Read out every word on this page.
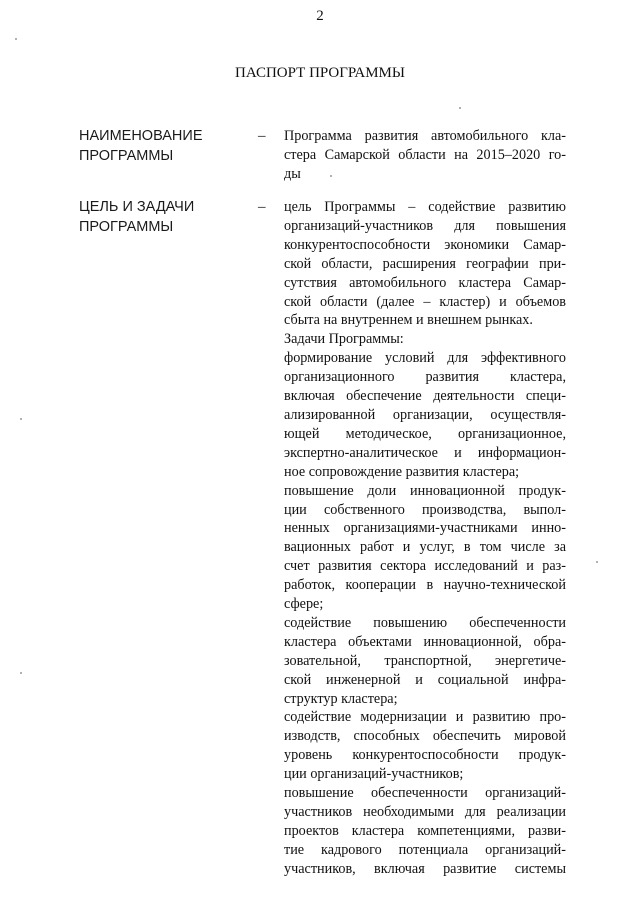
2
ПАСПОРТ ПРОГРАММЫ
НАИМЕНОВАНИЕ
ПРОГРАММЫ
– Программа развития автомобильного кла-
стера Самарской области на 2015–2020 го-
ды
ЦЕЛЬ И ЗАДАЧИ
ПРОГРАММЫ
– цель Программы – содействие развитию
организаций-участников для повышения
конкурентоспособности экономики Самар-
ской области, расширения географии при-
сутствия автомобильного кластера Самар-
ской области (далее – кластер) и объемов
сбыта на внутреннем и внешнем рынках.
Задачи Программы:
формирование условий для эффективного
организационного развития кластера,
включая обеспечение деятельности специ-
ализированной организации, осуществля-
ющей методическое, организационное,
экспертно-аналитическое и информацион-
ное сопровождение развития кластера;
повышение доли инновационной продук-
ции собственного производства, выпол-
ненных организациями-участниками инно-
вационных работ и услуг, в том числе за
счет развития сектора исследований и раз-
работок, кооперации в научно-технической
сфере;
содействие повышению обеспеченности
кластера объектами инновационной, обра-
зовательной, транспортной, энергетиче-
ской инженерной и социальной инфра-
структур кластера;
содействие модернизации и развитию про-
изводств, способных обеспечить мировой
уровень конкурентоспособности продук-
ции организаций-участников;
повышение обеспеченности организаций-
участников необходимыми для реализации
проектов кластера компетенциями, разви-
тие кадрового потенциала организаций-
участников, включая развитие системы
